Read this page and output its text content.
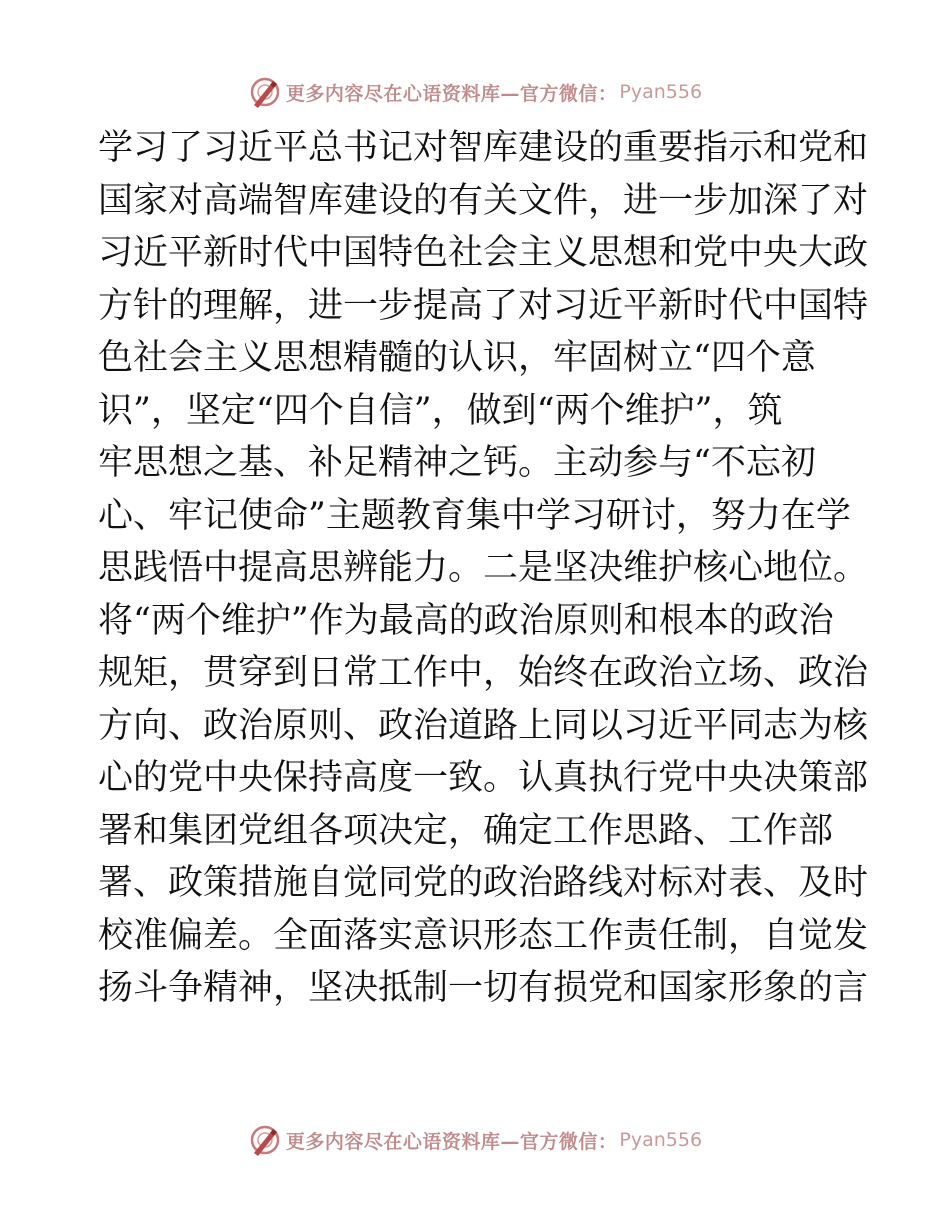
更多内容尽在心语资料库—官方微信： Pyan556
学习了习近平总书记对智库建设的重要指示和党和
国家对高端智库建设的有关文件，进一步加深了对
习近平新时代中国特色社会主义思想和党中央大政
方针的理解，进一步提高了对习近平新时代中国特
色社会主义思想精髓的认识，牢固树立“四个意
识”，坚定“四个自信”，做到“两个维护”，筑
牢思想之基、补足精神之钙。主动参与“不忘初
心、牢记使命”主题教育集中学习研讨，努力在学
思践悟中提高思辨能力。二是坚决维护核心地位。
将“两个维护”作为最高的政治原则和根本的政治
规矩，贯穿到日常工作中，始终在政治立场、政治
方向、政治原则、政治道路上同以习近平同志为核
心的党中央保持高度一致。认真执行党中央决策部
署和集团党组各项决定，确定工作思路、工作部
署、政策措施自觉同党的政治路线对标对表、及时
校准偏差。全面落实意识形态工作责任制，自觉发
扬斗争精神，坚决抵制一切有损党和国家形象的言
更多内容尽在心语资料库—官方微信： Pyan556
